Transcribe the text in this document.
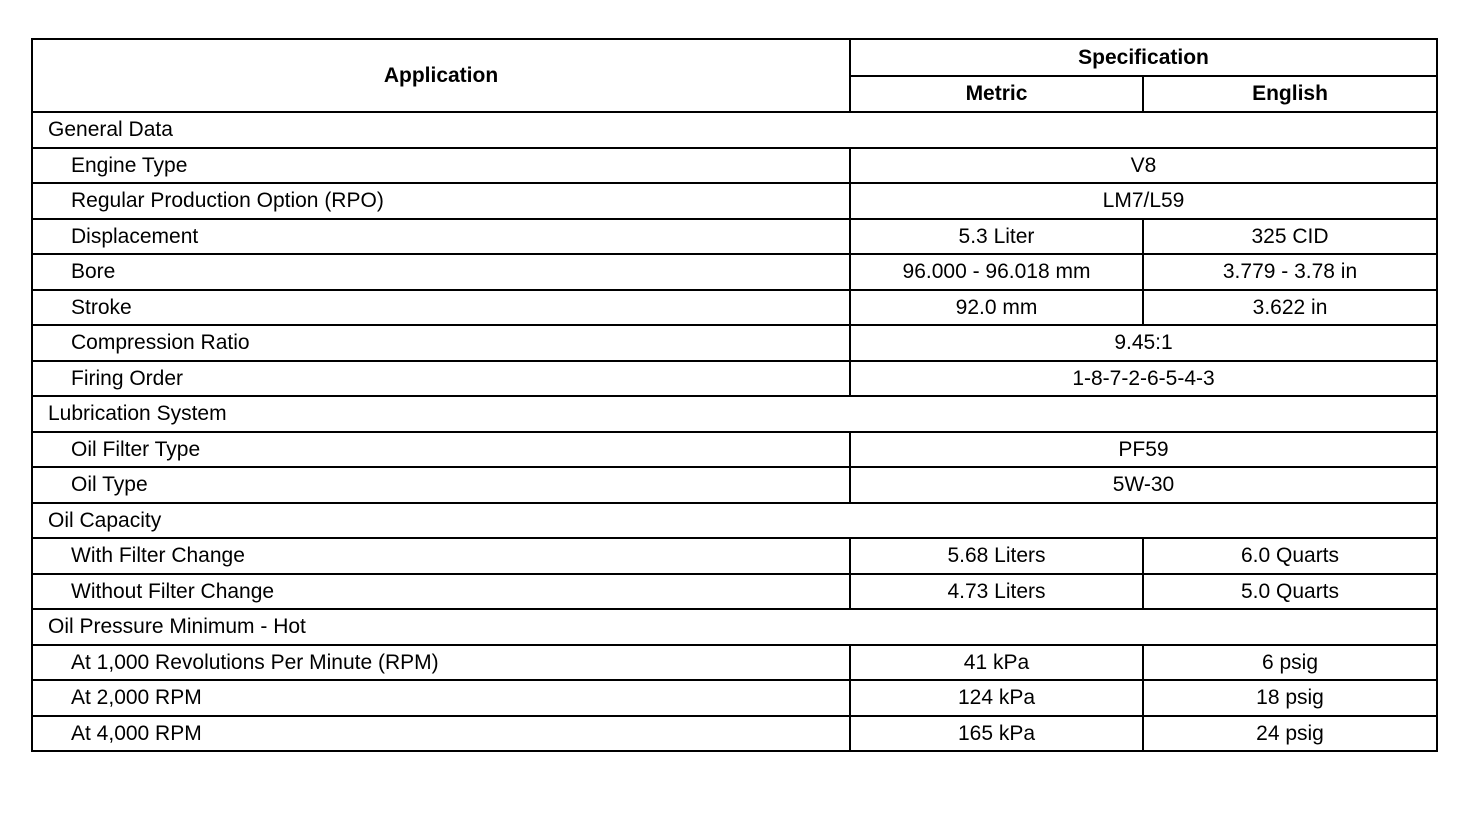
Application	Specification	
	Metric	English
General Data		
Engine Type	V8	
Regular Production Option (RPO)	LM7/L59	
Displacement	5.3 Liter	325 CID
Bore	96.000 - 96.018 mm	3.779 - 3.78 in
Stroke	92.0 mm	3.622 in
Compression Ratio	9.45:1	
Firing Order	1-8-7-2-6-5-4-3	
Lubrication System		
Oil Filter Type	PF59	
Oil Type	5W-30	
Oil Capacity		
With Filter Change	5.68 Liters	6.0 Quarts
Without Filter Change	4.73 Liters	5.0 Quarts
Oil Pressure Minimum - Hot		
At 1,000 Revolutions Per Minute (RPM)	41 kPa	6 psig
At 2,000 RPM	124 kPa	18 psig
At 4,000 RPM	165 kPa	24 psig
